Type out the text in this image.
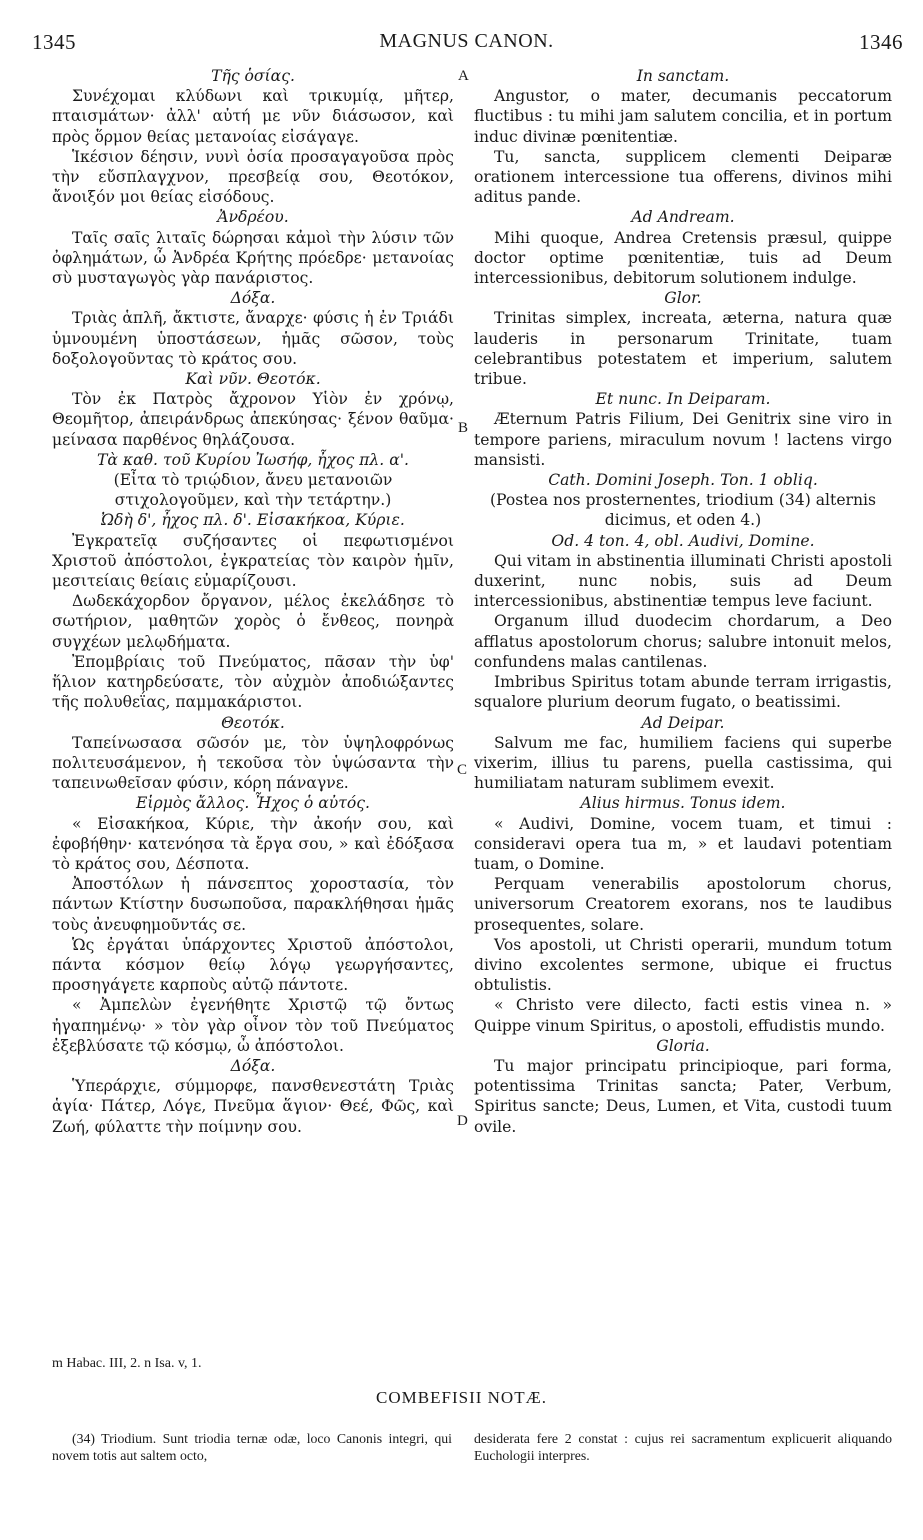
1345	MAGNUS CANON.	1346

Τῆς ὁσίας.

Συνέχομαι κλύδωνι καὶ τρικυμίᾳ, μῆτερ, πταισμάτων· ἀλλ' αὐτή με νῦν διάσωσον, καὶ πρὸς ὅρμον θείας μετανοίας εἰσάγαγε.

Ἱκέσιον δέησιν, νυνὶ ὁσία προσαγαγοῦσα πρὸς τὴν εὔσπλαγχνον, πρεσβείᾳ σου, Θεοτόκον, ἄνοιξόν μοι θείας εἰσόδους.

Ἀνδρέου.

Ταῖς σαῖς λιταῖς δώρησαι κἀμοὶ τὴν λύσιν τῶν ὀφλημάτων, ὦ Ἀνδρέα Κρήτης πρόεδρε· μετανοίας σὺ μυσταγωγὸς γὰρ πανάριστος.

Δόξα.

Τριὰς ἁπλῆ, ἄκτιστε, ἄναρχε· φύσις ἡ ἐν Τριάδι ὑμνουμένη ὑποστάσεων, ἡμᾶς σῶσον, τοὺς δοξολογοῦντας τὸ κράτος σου.

Καὶ νῦν. Θεοτόκ.

Τὸν ἐκ Πατρὸς ἄχρονον Υἱὸν ἐν χρόνῳ, Θεομῆτορ, ἀπειράνδρως ἀπεκύησας· ξένον θαῦμα· μείνασα παρθένος θηλάζουσα.

Τὰ καθ. τοῦ Κυρίου Ἰωσήφ, ἦχος πλ. α'.

(Εἶτα τὸ τριῴδιον, ἄνευ μετανοιῶν στιχολογοῦμεν, καὶ τὴν τετάρτην.)

Ὠδὴ δ', ἦχος πλ. δ'. Εἰσακήκοα, Κύριε.

Ἐγκρατεῖᾳ συζήσαντες οἱ πεφωτισμένοι Χριστοῦ ἀπόστολοι, ἐγκρατείας τὸν καιρὸν ἡμῖν, μεσιτείαις θείαις εὐμαρίζουσι.

Δωδεκάχορδον ὄργανον, μέλος ἐκελάδησε τὸ σωτήριον, μαθητῶν χορὸς ὁ ἔνθεος, πονηρὰ συγχέων μελῳδήματα.

Ἐπομβρίαις τοῦ Πνεύματος, πᾶσαν τὴν ὑφ' ἥλιον κατηρδεύσατε, τὸν αὐχμὸν ἀποδιώξαντες τῆς πολυθεΐας, παμμακάριστοι.

Θεοτόκ.

Ταπείνωσασα σῶσόν με, τὸν ὑψηλοφρόνως πολιτευσάμενον, ἡ τεκοῦσα τὸν ὑψώσαντα τὴν ταπεινωθεῖσαν φύσιν, κόρη πάναγνε.

Εἱρμὸς ἄλλος. Ἦχος ὁ αὐτός.

« Εἰσακήκοα, Κύριε, τὴν ἀκοήν σου, καὶ ἐφοβήθην· κατενόησα τὰ ἔργα σου, » καὶ ἐδόξασα τὸ κράτος σου, Δέσποτα.

Ἀποστόλων ἡ πάνσεπτος χοροστασία, τὸν πάντων Κτίστην δυσωποῦσα, παρακλήθησαι ἡμᾶς τοὺς ἀνευφημοῦντάς σε.

Ὡς ἐργάται ὑπάρχοντες Χριστοῦ ἀπόστολοι, πάντα κόσμον θείῳ λόγῳ γεωργήσαντες, προσηγάγετε καρποὺς αὐτῷ πάντοτε.

« Ἀμπελὼν ἐγενήθητε Χριστῷ τῷ ὄντως ἠγαπημένῳ· » τὸν γὰρ οἶνον τὸν τοῦ Πνεύματος ἐξεβλύσατε τῷ κόσμῳ, ὦ ἀπόστολοι.

Δόξα.

Ὑπεράρχιε, σύμμορφε, πανσθενεστάτη Τριὰς ἁγία· Πάτερ, Λόγε, Πνεῦμα ἅγιον· Θεέ, Φῶς, καὶ Ζωή, φύλαττε τὴν ποίμνην σου.

In sanctam.

Angustor, o mater, decumanis peccatorum fluctibus : tu mihi jam salutem concilia, et in portum induc divinæ pœnitentiæ.

Tu, sancta, supplicem clementi Deiparæ orationem intercessione tua offerens, divinos mihi aditus pande.

Ad Andream.

Mihi quoque, Andrea Cretensis præsul, quippe doctor optime pœnitentiæ, tuis ad Deum intercessionibus, debitorum solutionem indulge.

Glor.

Trinitas simplex, increata, æterna, natura quæ lauderis in personarum Trinitate, tuam celebrantibus potestatem et imperium, salutem tribue.

Et nunc. In Deiparam.

Æternum Patris Filium, Dei Genitrix sine viro in tempore pariens, miraculum novum ! lactens virgo mansisti.

Cath. Domini Joseph. Ton. 1 obliq.

(Postea nos prosternentes, triodium (34) alternis dicimus, et oden 4.)

Od. 4 ton. 4, obl. Audivi, Domine.

Qui vitam in abstinentia illuminati Christi apostoli duxerint, nunc nobis, suis ad Deum intercessionibus, abstinentiæ tempus leve faciunt.

Organum illud duodecim chordarum, a Deo afflatus apostolorum chorus; salubre intonuit melos, confundens malas cantilenas.

Imbribus Spiritus totam abunde terram irrigastis, squalore plurium deorum fugato, o beatissimi.

Ad Deipar.

Salvum me fac, humiliem faciens qui superbe vixerim, illius tu parens, puella castissima, qui humiliatam naturam sublimem evexit.

Alius hirmus. Tonus idem.

« Audivi, Domine, vocem tuam, et timui : consideravi opera tua m, » et laudavi potentiam tuam, o Domine.

Perquam venerabilis apostolorum chorus, universorum Creatorem exorans, nos te laudibus prosequentes, solare.

Vos apostoli, ut Christi operarii, mundum totum divino excolentes sermone, ubique ei fructus obtulistis.

« Christo vere dilecto, facti estis vinea n. » Quippe vinum Spiritus, o apostoli, effudistis mundo.

Gloria.

Tu major principatu principioque, pari forma, potentissima Trinitas sancta; Pater, Verbum, Spiritus sancte; Deus, Lumen, et Vita, custodi tuum ovile.

A
B
C
D
m Habac. III, 2. n Isa. v, 1.
COMBEFISII NOTÆ.
(34) Triodium. Sunt triodia ternæ odæ, loco Canonis integri, qui novem totis aut saltem octo,
desiderata fere 2 constat : cujus rei sacramentum explicuerit aliquando Euchologii interpres.
